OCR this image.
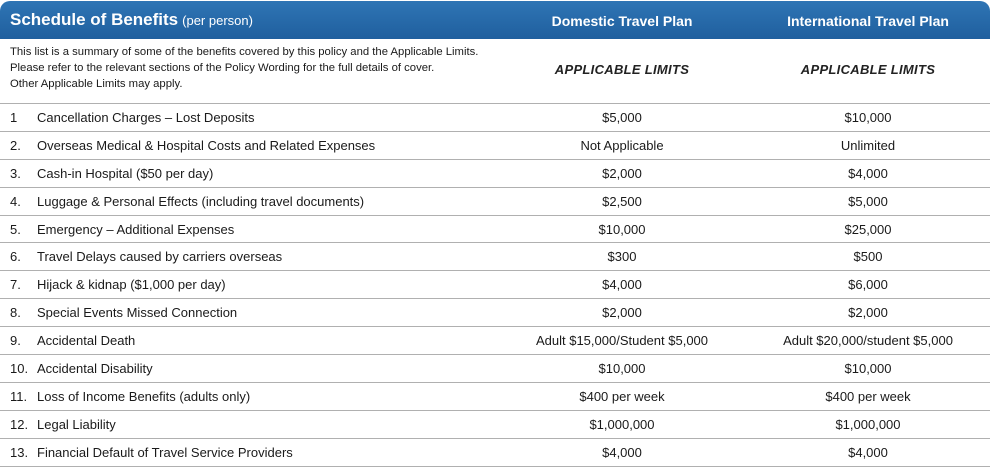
Schedule of Benefits (per person)	Domestic Travel Plan	International Travel Plan
This list is a summary of some of the benefits covered by this policy and the Applicable Limits.
Please refer to the relevant sections of the Policy Wording for the full details of cover.
Other Applicable Limits may apply.
APPLICABLE LIMITS	APPLICABLE LIMITS
1 Cancellation Charges – Lost Deposits	$5,000	$10,000
2. Overseas Medical & Hospital Costs and Related Expenses	Not Applicable	Unlimited
3. Cash-in Hospital ($50 per day)	$2,000	$4,000
4. Luggage & Personal Effects (including travel documents)	$2,500	$5,000
5. Emergency – Additional Expenses	$10,000	$25,000
6. Travel Delays caused by carriers overseas	$300	$500
7. Hijack & kidnap ($1,000 per day)	$4,000	$6,000
8. Special Events Missed Connection	$2,000	$2,000
9. Accidental Death	Adult $15,000/Student $5,000	Adult $20,000/student $5,000
10. Accidental Disability	$10,000	$10,000
11. Loss of Income Benefits (adults only)	$400 per week	$400 per week
12. Legal Liability	$1,000,000	$1,000,000
13. Financial Default of Travel Service Providers	$4,000	$4,000
